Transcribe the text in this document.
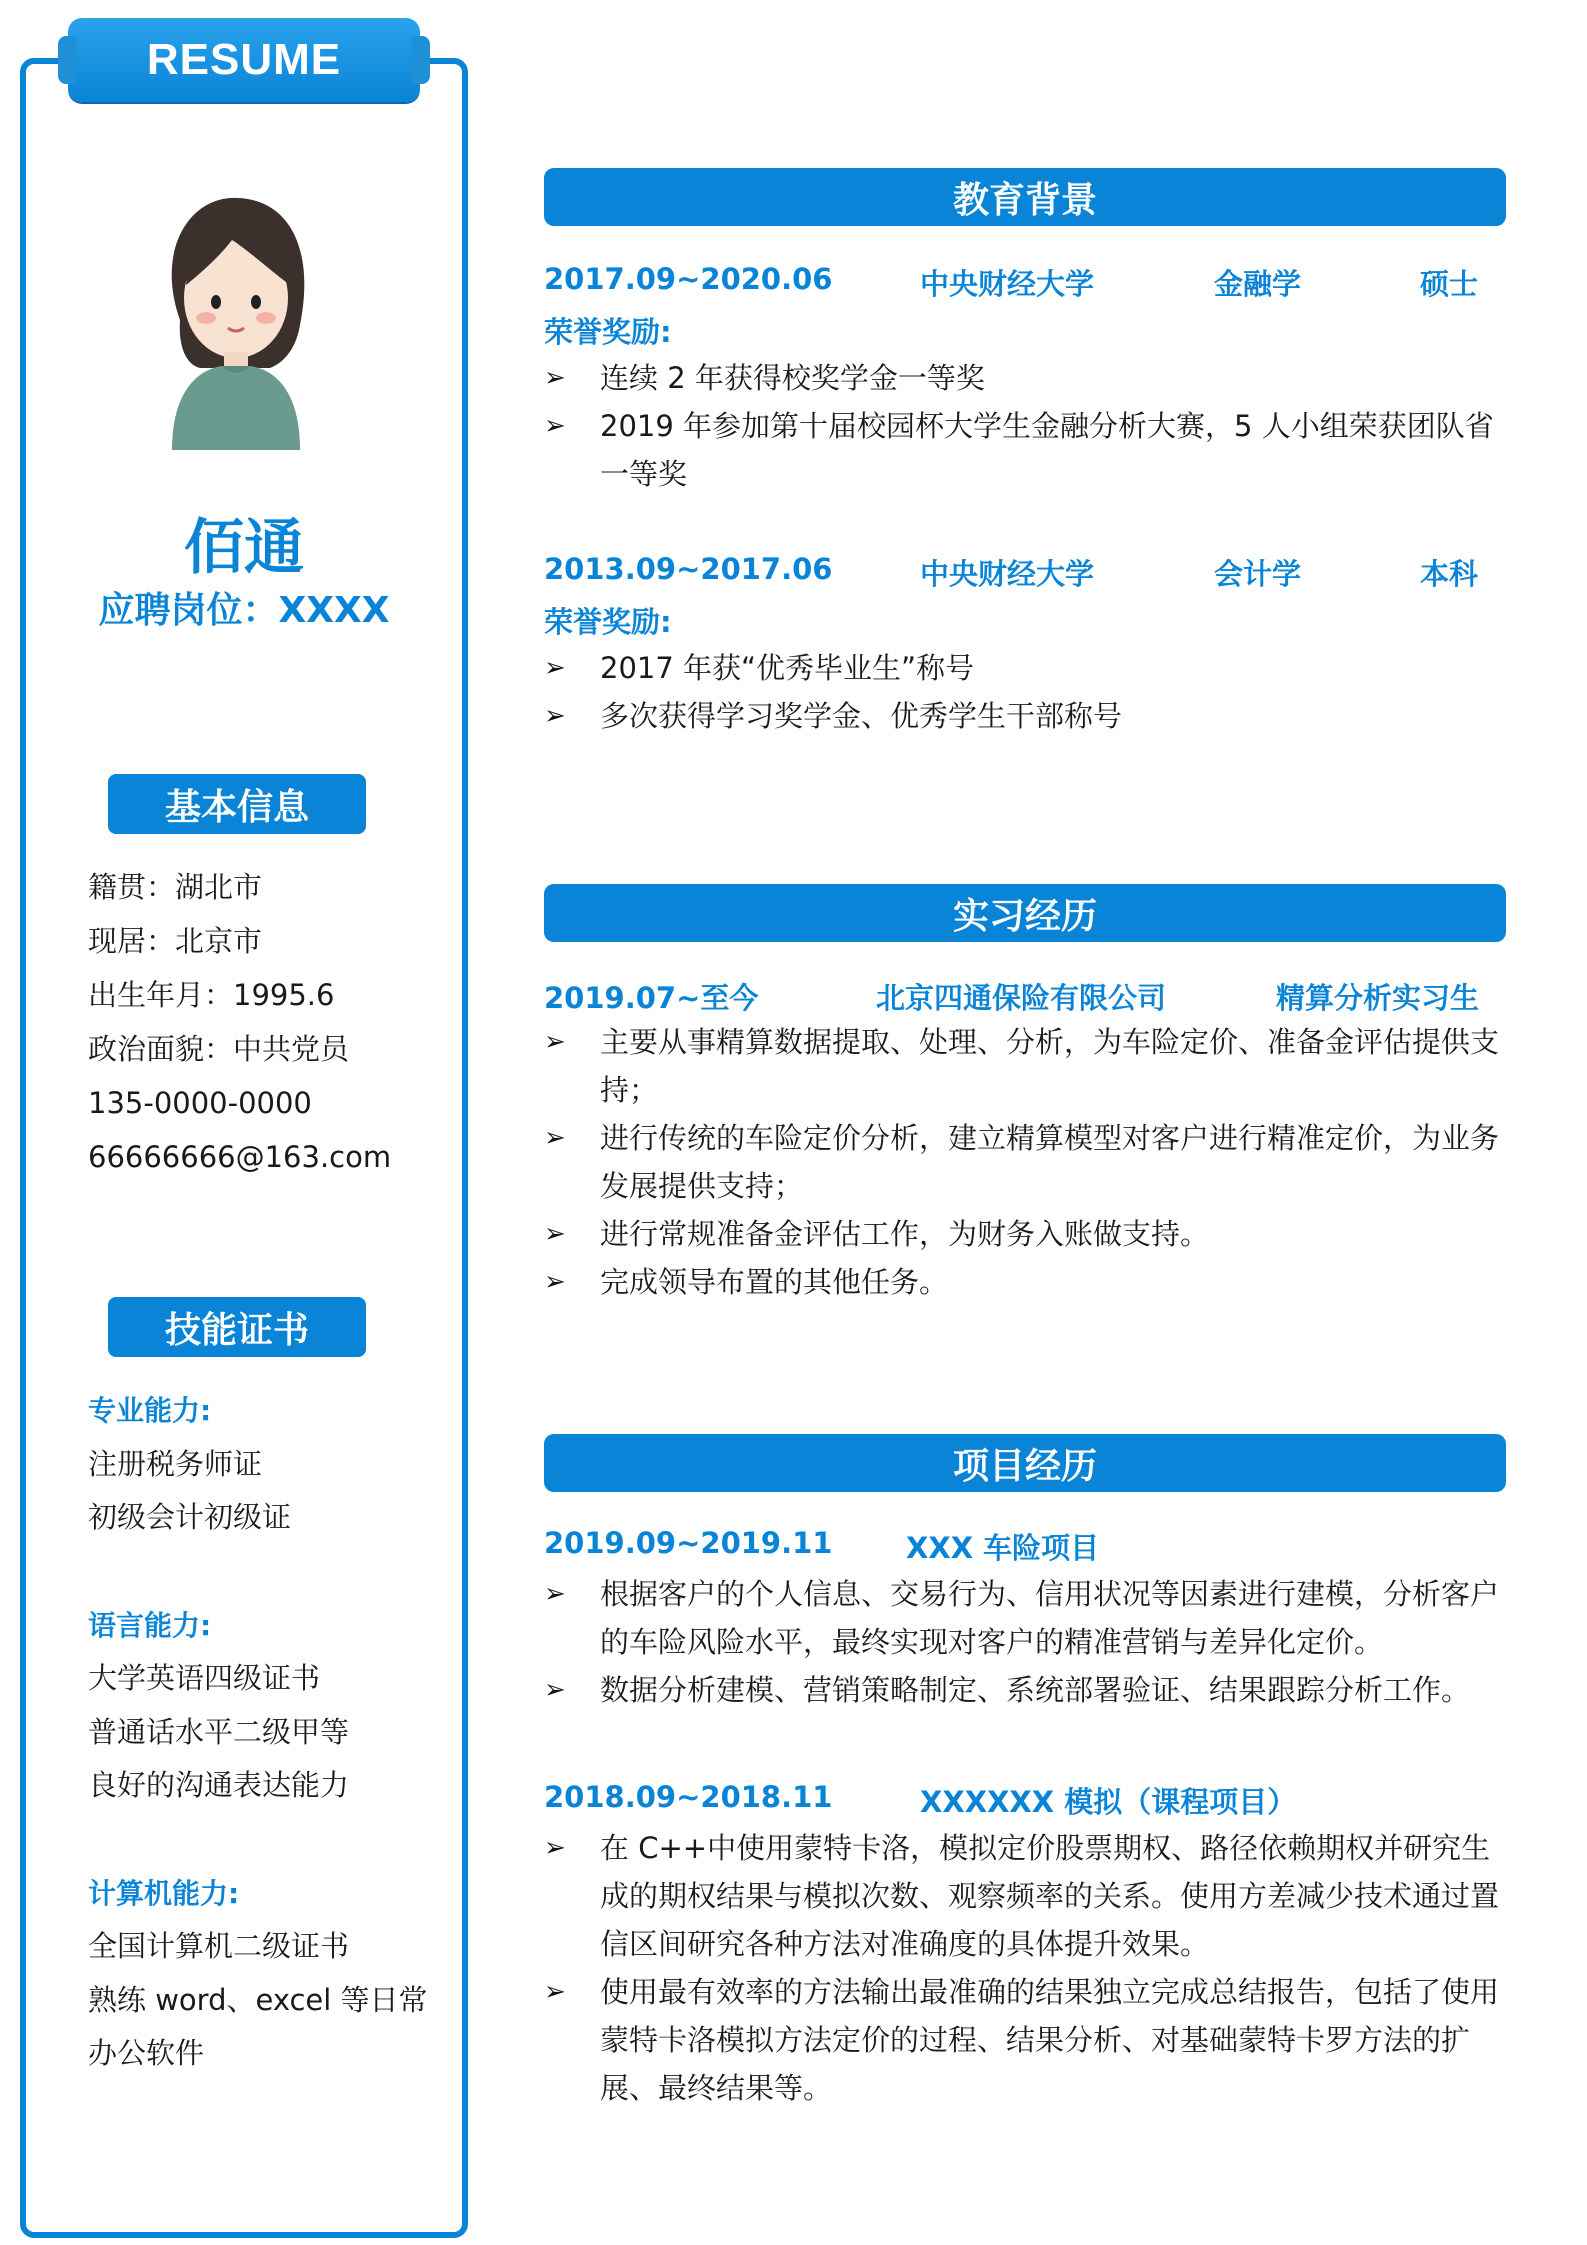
RESUME
佰通
应聘岗位：XXXX
基本信息
籍贯：湖北市
现居：北京市
出生年月：1995.6
政治面貌：中共党员
135-0000-0000
66666666@163.com
技能证书
专业能力:
注册税务师证
初级会计初级证
语言能力:
大学英语四级证书
普通话水平二级甲等
良好的沟通表达能力
计算机能力:
全国计算机二级证书
熟练 word、excel 等日常
办公软件
教育背景
2017.09~2020.06	中央财经大学	金融学	硕士
荣誉奖励:
➢	连续 2 年获得校奖学金一等奖
➢	2019 年参加第十届校园杯大学生金融分析大赛，5 人小组荣获团队省一等奖
2013.09~2017.06	中央财经大学	会计学	本科
荣誉奖励:
➢	2017 年获“优秀毕业生”称号
➢	多次获得学习奖学金、优秀学生干部称号
实习经历
2019.07~至今	北京四通保险有限公司	精算分析实习生
➢	主要从事精算数据提取、处理、分析，为车险定价、准备金评估提供支持；
➢	进行传统的车险定价分析，建立精算模型对客户进行精准定价，为业务发展提供支持；
➢	进行常规准备金评估工作，为财务入账做支持。
➢	完成领导布置的其他任务。
项目经历
2019.09~2019.11	XXX 车险项目
➢	根据客户的个人信息、交易行为、信用状况等因素进行建模，分析客户的车险风险水平，最终实现对客户的精准营销与差异化定价。
➢	数据分析建模、营销策略制定、系统部署验证、结果跟踪分析工作。
2018.09~2018.11	XXXXXX 模拟（课程项目）
➢	在 C++中使用蒙特卡洛，模拟定价股票期权、路径依赖期权并研究生成的期权结果与模拟次数、观察频率的关系。使用方差减少技术通过置信区间研究各种方法对准确度的具体提升效果。
➢	使用最有效率的方法输出最准确的结果独立完成总结报告，包括了使用蒙特卡洛模拟方法定价的过程、结果分析、对基础蒙特卡罗方法的扩展、最终结果等。
